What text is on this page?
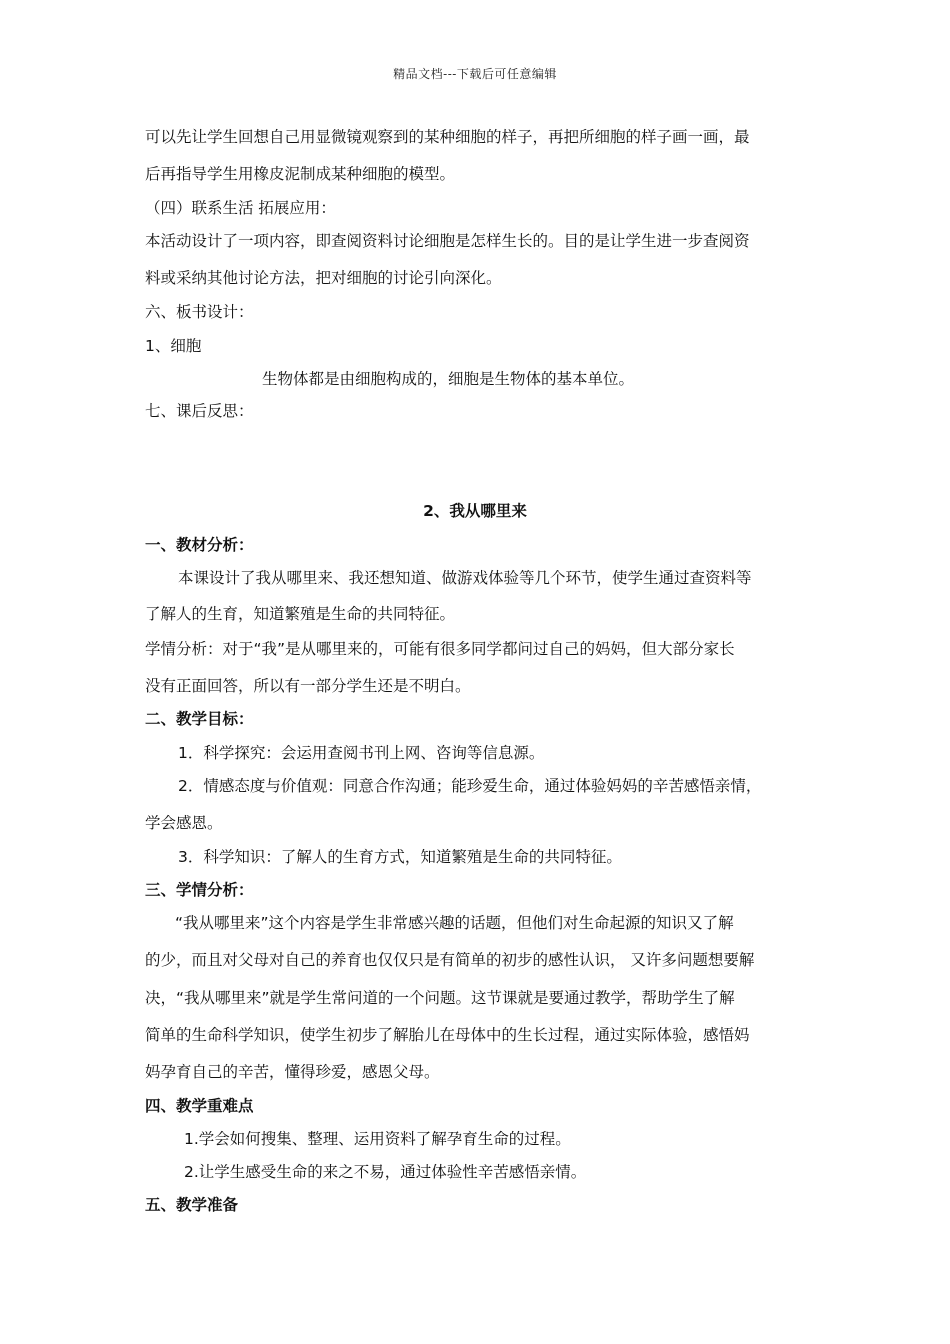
精品文档---下载后可任意编辑
可以先让学生回想自己用显微镜观察到的某种细胞的样子，再把所细胞的样子画一画，最
后再指导学生用橡皮泥制成某种细胞的模型。
（四）联系生活 拓展应用：
本活动设计了一项内容，即查阅资料讨论细胞是怎样生长的。目的是让学生进一步查阅资
料或采纳其他讨论方法，把对细胞的讨论引向深化。
六、板书设计：
1、细胞
生物体都是由细胞构成的，细胞是生物体的基本单位。
七、课后反思：
2、我从哪里来
一、教材分析：
本课设计了我从哪里来、我还想知道、做游戏体验等几个环节，使学生通过查资料等
了解人的生育，知道繁殖是生命的共同特征。
学情分析：对于“我”是从哪里来的，可能有很多同学都问过自己的妈妈，但大部分家长
没有正面回答，所以有一部分学生还是不明白。
二、教学目标：
1．科学探究：会运用查阅书刊上网、咨询等信息源。
2．情感态度与价值观：同意合作沟通；能珍爱生命，通过体验妈妈的辛苦感悟亲情，
学会感恩。
3．科学知识：了解人的生育方式，知道繁殖是生命的共同特征。
三、学情分析：
“我从哪里来”这个内容是学生非常感兴趣的话题，但他们对生命起源的知识又了解
的少，而且对父母对自己的养育也仅仅只是有简单的初步的感性认识， 又许多问题想要解
决，“我从哪里来”就是学生常问道的一个问题。这节课就是要通过教学，帮助学生了解
简单的生命科学知识，使学生初步了解胎儿在母体中的生长过程，通过实际体验，感悟妈
妈孕育自己的辛苦，懂得珍爱，感恩父母。
四、教学重难点
1.学会如何搜集、整理、运用资料了解孕育生命的过程。
2.让学生感受生命的来之不易，通过体验性辛苦感悟亲情。
五、教学准备
